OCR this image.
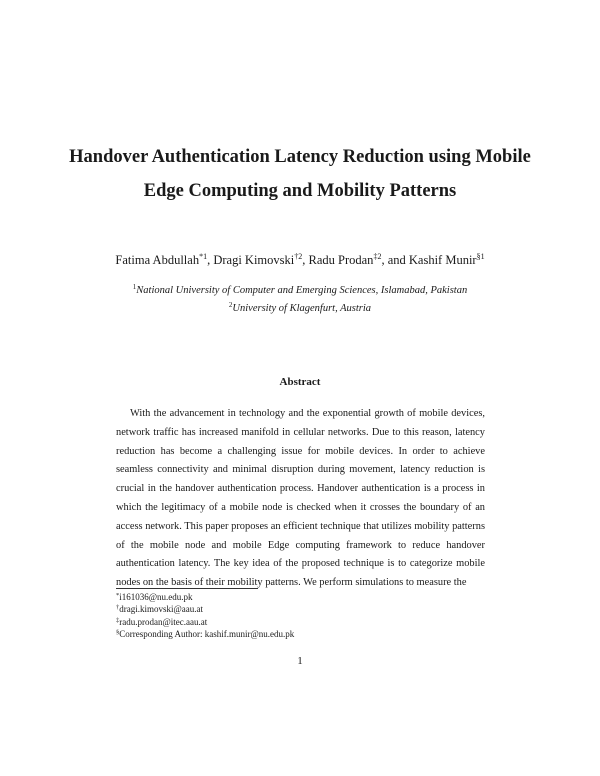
Handover Authentication Latency Reduction using Mobile Edge Computing and Mobility Patterns
Fatima Abdullah$^{*1}$, Dragi Kimovski$^{\dagger 2}$, Radu Prodan$^{\ddagger 2}$, and Kashif Munir$^{\S 1}$
$^1$National University of Computer and Emerging Sciences, Islamabad, Pakistan
$^2$University of Klagenfurt, Austria
Abstract

With the advancement in technology and the exponential growth of mobile devices, network traffic has increased manifold in cellular networks. Due to this reason, latency reduction has become a challenging issue for mobile devices. In order to achieve seamless connectivity and minimal disruption during movement, latency reduction is crucial in the handover authentication process. Handover authentication is a process in which the legitimacy of a mobile node is checked when it crosses the boundary of an access network. This paper proposes an efficient technique that utilizes mobility patterns of the mobile node and mobile Edge computing framework to reduce handover authentication latency. The key idea of the proposed technique is to categorize mobile nodes on the basis of their mobility patterns. We perform simulations to measure the

*i161036@nu.edu.pk
†dragi.kimovski@aau.at
‡radu.prodan@itec.aau.at
§Corresponding Author: kashif.munir@nu.edu.pk
1
